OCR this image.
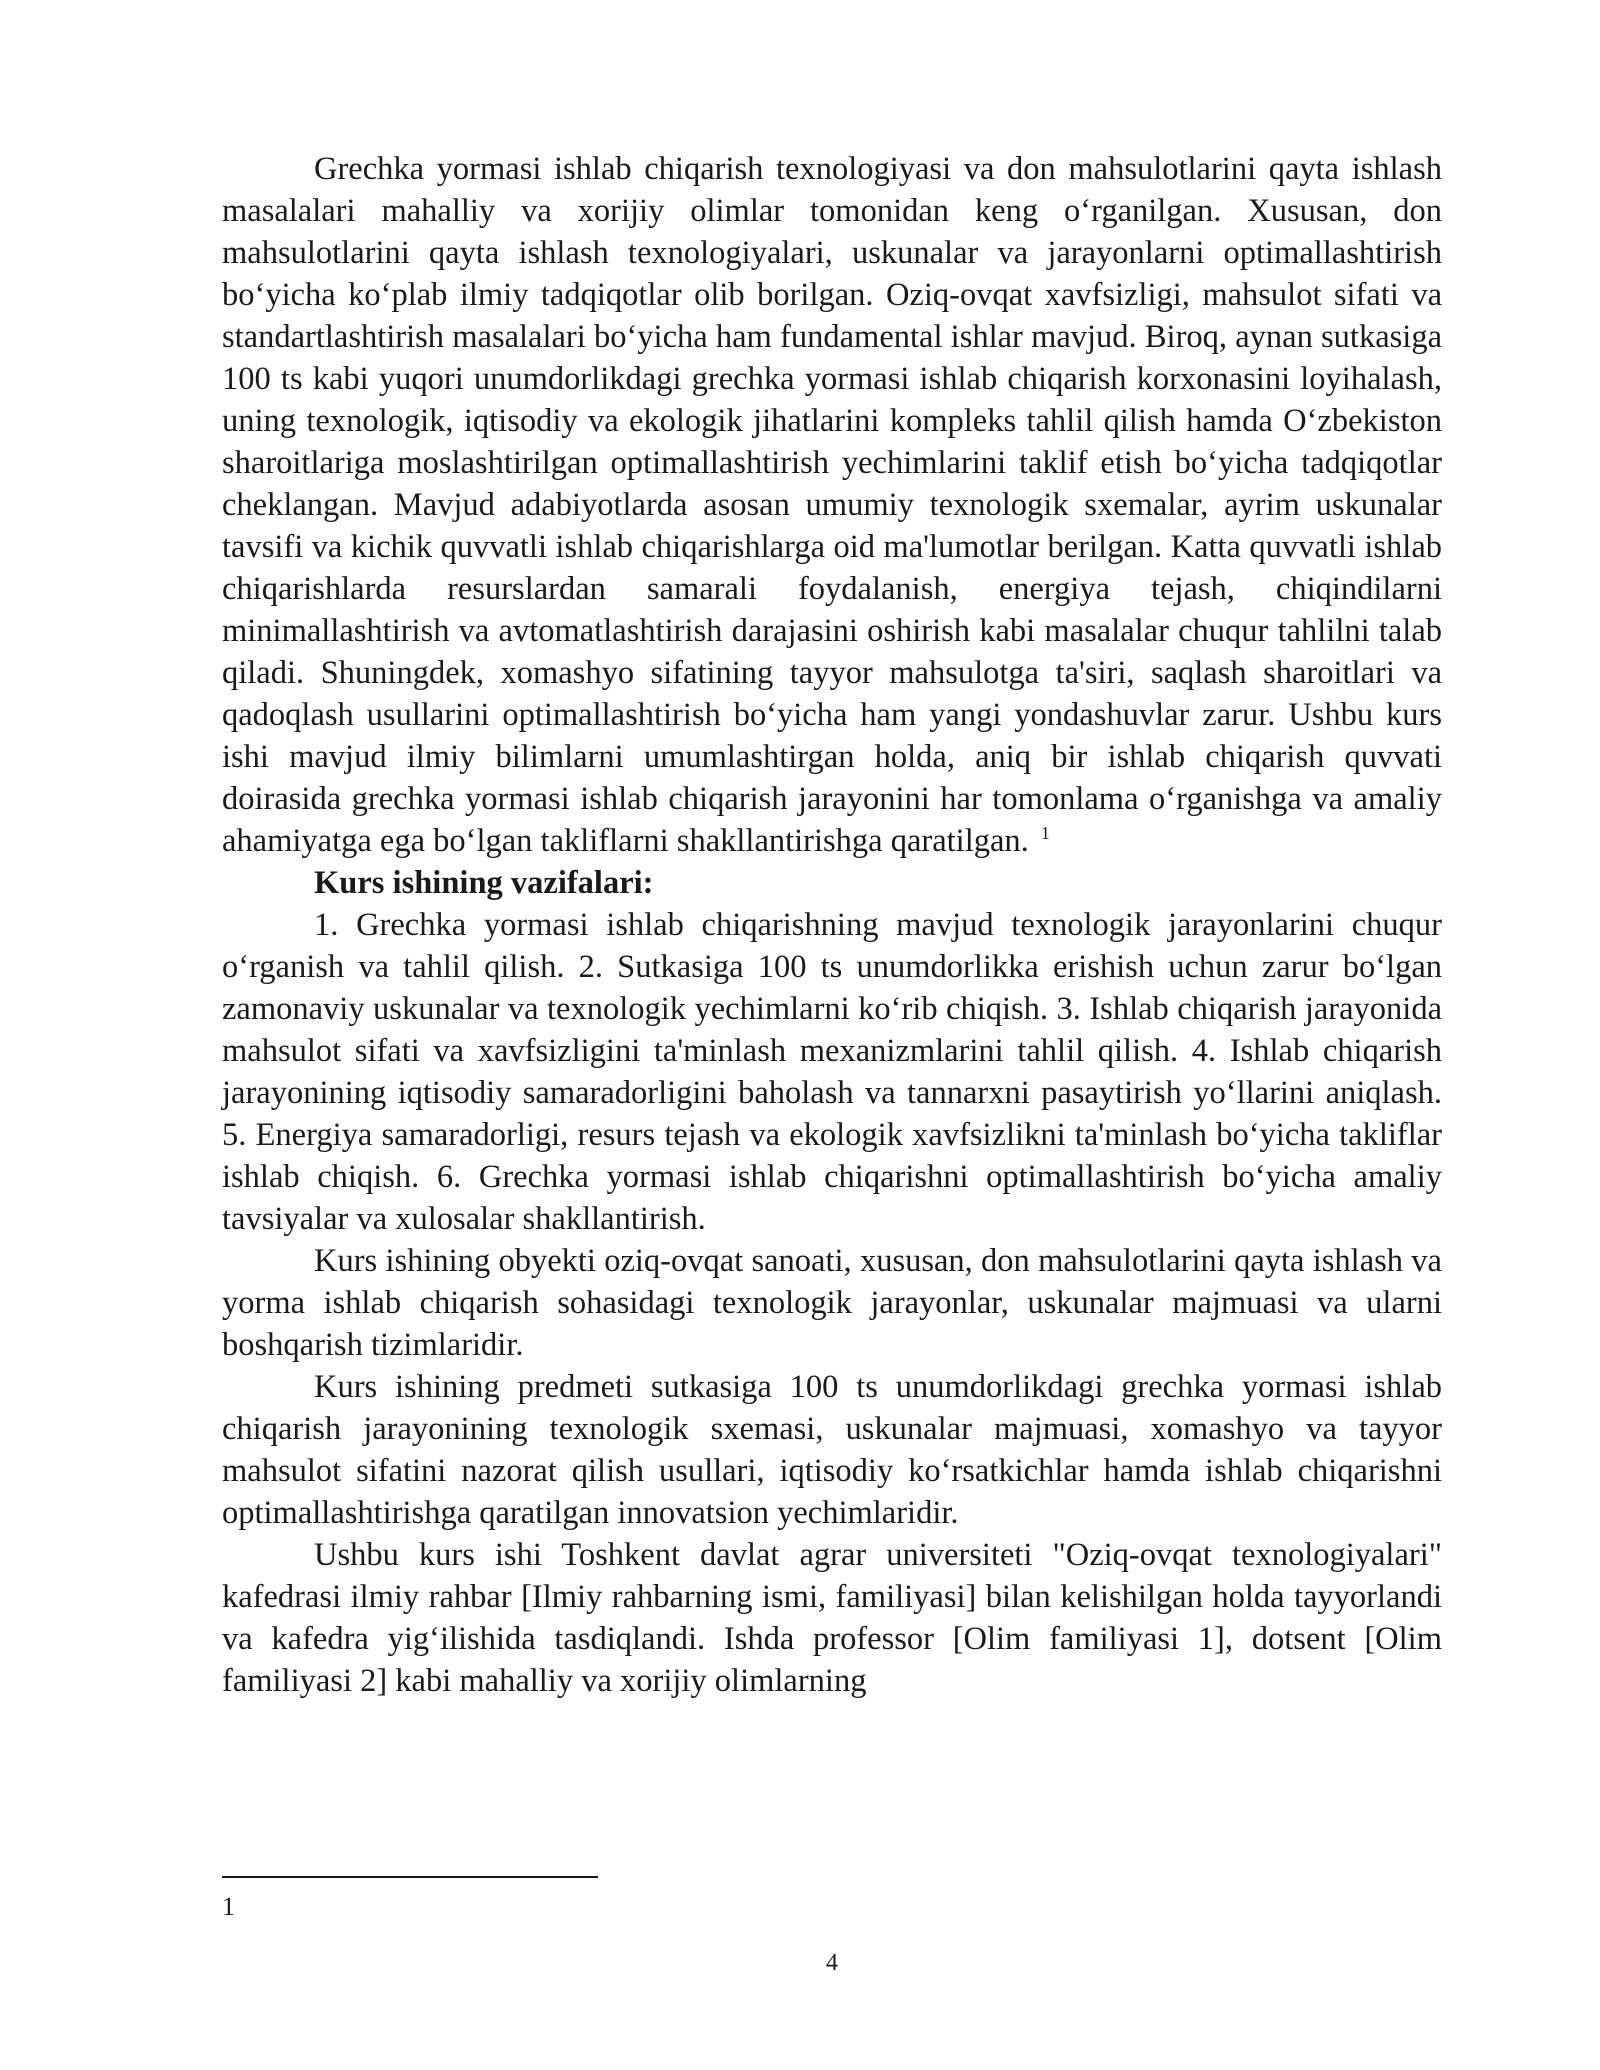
Grechka yormasi ishlab chiqarish texnologiyasi va don mahsulotlarini qayta ishlash masalalari mahalliy va xorijiy olimlar tomonidan keng oʻrganilgan. Xususan, don mahsulotlarini qayta ishlash texnologiyalari, uskunalar va jarayonlarni optimallashtirish boʻyicha koʻplab ilmiy tadqiqotlar olib borilgan. Oziq-ovqat xavfsizligi, mahsulot sifati va standartlashtirish masalalari boʻyicha ham fundamental ishlar mavjud. Biroq, aynan sutkasiga 100 ts kabi yuqori unumdorlikdagi grechka yormasi ishlab chiqarish korxonasini loyihalash, uning texnologik, iqtisodiy va ekologik jihatlarini kompleks tahlil qilish hamda Oʻzbekiston sharoitlariga moslashtirilgan optimallashtirish yechimlarini taklif etish boʻyicha tadqiqotlar cheklangan. Mavjud adabiyotlarda asosan umumiy texnologik sxemalar, ayrim uskunalar tavsifi va kichik quvvatli ishlab chiqarishlarga oid ma'lumotlar berilgan. Katta quvvatli ishlab chiqarishlarda resurslardan samarali foydalanish, energiya tejash, chiqindilarni minimallashtirish va avtomatlashtirish darajasini oshirish kabi masalalar chuqur tahlilni talab qiladi. Shuningdek, xomashyo sifatining tayyor mahsulotga ta'siri, saqlash sharoitlari va qadoqlash usullarini optimallashtirish boʻyicha ham yangi yondashuvlar zarur. Ushbu kurs ishi mavjud ilmiy bilimlarni umumlashtirgan holda, aniq bir ishlab chiqarish quvvati doirasida grechka yormasi ishlab chiqarish jarayonini har tomonlama oʻrganishga va amaliy ahamiyatga ega boʻlgan takliflarni shakllantirishga qaratilgan. $^1$

Kurs ishining vazifalari:

1. Grechka yormasi ishlab chiqarishning mavjud texnologik jarayonlarini chuqur oʻrganish va tahlil qilish. 2. Sutkasiga 100 ts unumdorlikka erishish uchun zarur boʻlgan zamonaviy uskunalar va texnologik yechimlarni koʻrib chiqish. 3. Ishlab chiqarish jarayonida mahsulot sifati va xavfsizligini ta'minlash mexanizmlarini tahlil qilish. 4. Ishlab chiqarish jarayonining iqtisodiy samaradorligini baholash va tannarxni pasaytirish yoʻllarini aniqlash. 5. Energiya samaradorligi, resurs tejash va ekologik xavfsizlikni ta'minlash boʻyicha takliflar ishlab chiqish. 6. Grechka yormasi ishlab chiqarishni optimallashtirish boʻyicha amaliy tavsiyalar va xulosalar shakllantirish.

Kurs ishining obyekti oziq-ovqat sanoati, xususan, don mahsulotlarini qayta ishlash va yorma ishlab chiqarish sohasidagi texnologik jarayonlar, uskunalar majmuasi va ularni boshqarish tizimlaridir.

Kurs ishining predmeti sutkasiga 100 ts unumdorlikdagi grechka yormasi ishlab chiqarish jarayonining texnologik sxemasi, uskunalar majmuasi, xomashyo va tayyor mahsulot sifatini nazorat qilish usullari, iqtisodiy koʻrsatkichlar hamda ishlab chiqarishni optimallashtirishga qaratilgan innovatsion yechimlaridir.

Ushbu kurs ishi Toshkent davlat agrar universiteti "Oziq-ovqat texnologiyalari" kafedrasi ilmiy rahbar [Ilmiy rahbarning ismi, familiyasi] bilan kelishilgan holda tayyorlandi va kafedra yigʻilishida tasdiqlandi. Ishda professor [Olim familiyasi 1], dotsent [Olim familiyasi 2] kabi mahalliy va xorijiy olimlarning

1
4
